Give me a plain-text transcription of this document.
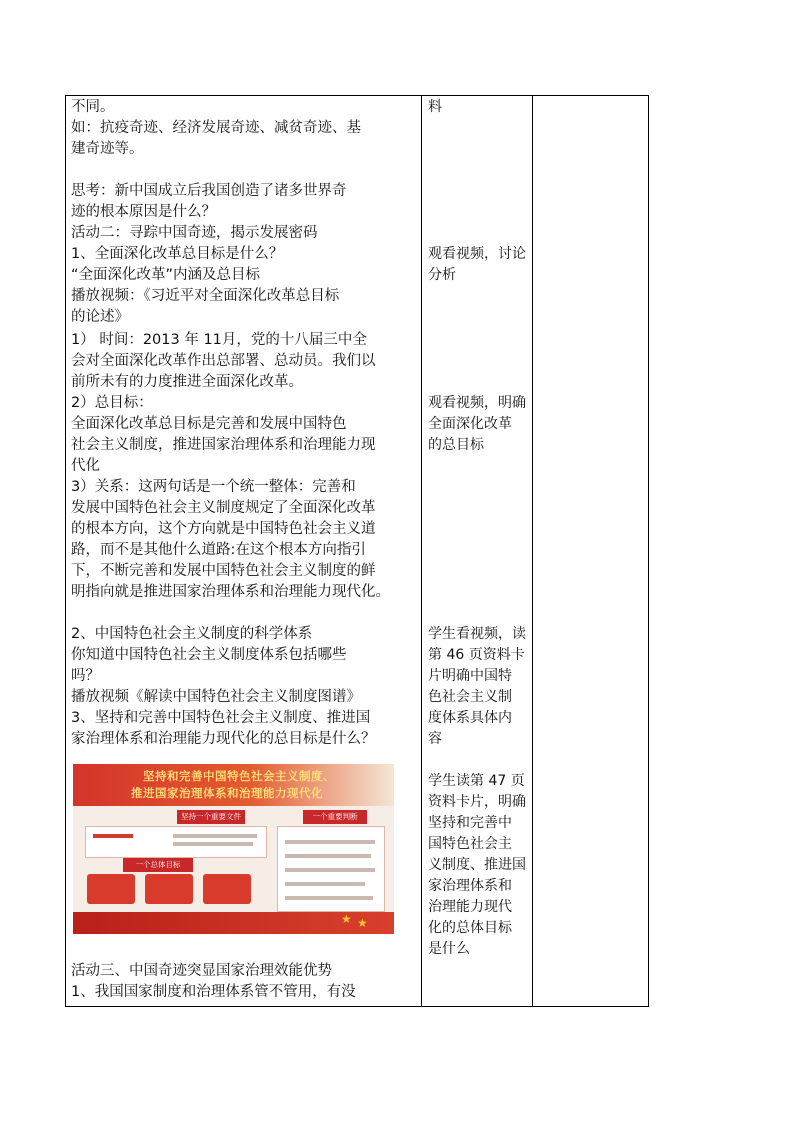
不同。
如：抗疫奇迹、经济发展奇迹、减贫奇迹、基
建奇迹等。
思考：新中国成立后我国创造了诸多世界奇
迹的根本原因是什么？
活动二：寻踪中国奇迹，揭示发展密码
1、全面深化改革总目标是什么？
“全面深化改革”内涵及总目标
播放视频：《习近平对全面深化改革总目标
的论述》
1） 时间：2013 年 11月，党的十八届三中全
会对全面深化改革作出总部署、总动员。我们以
前所未有的力度推进全面深化改革。
2）总目标：
全面深化改革总目标是完善和发展中国特色
社会主义制度，推进国家治理体系和治理能力现
代化
3）关系：这两句话是一个统一整体：完善和
发展中国特色社会主义制度规定了全面深化改革
的根本方向，这个方向就是中国特色社会主义道
路，而不是其他什么道路:在这个根本方向指引
下，不断完善和发展中国特色社会主义制度的鲜
明指向就是推进国家治理体系和治理能力现代化。
2、中国特色社会主义制度的科学体系
你知道中国特色社会主义制度体系包括哪些
吗？
播放视频《解读中国特色社会主义制度图谱》
3、坚持和完善中国特色社会主义制度、推进国
家治理体系和治理能力现代化的总目标是什么？
活动三、中国奇迹突显国家治理效能优势
1、我国国家制度和治理体系管不管用，有没
料
观看视频，讨论
分析
观看视频，明确
全面深化改革
的总目标
学生看视频，读
第 46 页资料卡
片明确中国特
色社会主义制
度体系具体内
容
学生读第 47 页
资料卡片，明确
坚持和完善中
国特色社会主
义制度、推进国
家治理体系和
治理能力现代
化的总体目标
是什么
坚持和完善中国特色社会主义制度、
推进国家治理体系和治理能力现代化
坚持一个重要文件	一个重要判断
一个总体目标
★ ★
